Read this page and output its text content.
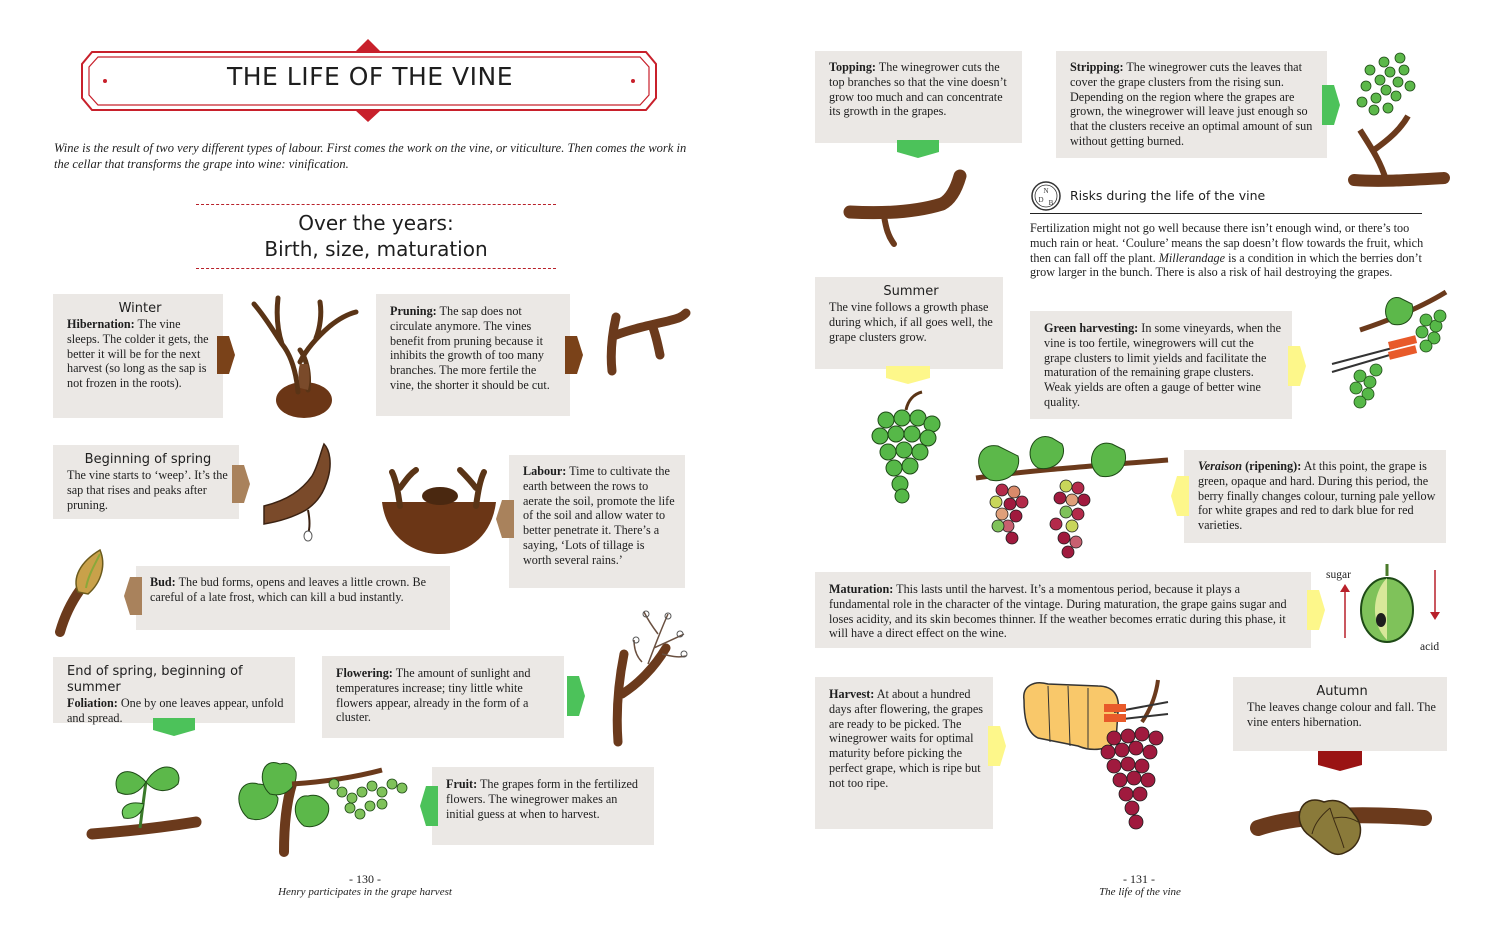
THE LIFE OF THE VINE
Wine is the result of two very different types of labour. First comes the work on the vine, or viticulture. Then comes the work in the cellar that transforms the grape into wine: vinification.
Over the years:
Birth, size, maturation
Winter
Hibernation: The vine sleeps. The colder it gets, the better it will be for the next harvest (so long as the sap is not frozen in the roots).
Pruning: The sap does not circulate anymore. The vines benefit from pruning because it inhibits the growth of too many branches. The more fertile the vine, the shorter it should be cut.
Beginning of spring
The vine starts to ‘weep’. It’s the sap that rises and peaks after pruning.
Labour: Time to cultivate the earth between the rows to aerate the soil, promote the life of the soil and allow water to better penetrate it. There’s a saying, ‘Lots of tillage is worth several rains.’
Bud: The bud forms, opens and leaves a little crown. Be careful of a late frost, which can kill a bud instantly.
End of spring, beginning of summer
Foliation: One by one leaves appear, unfold and spread.
Flowering: The amount of sunlight and temperatures increase; tiny little white flowers appear, already in the form of a cluster.
Fruit: The grapes form in the fertilized flowers. The winegrower makes an initial guess at when to harvest.
- 130 -
Henry participates in the grape harvest
Topping: The winegrower cuts the top branches so that the vine doesn’t grow too much and can concentrate its growth in the grapes.
Stripping: The winegrower cuts the leaves that cover the grape clusters from the rising sun. Depending on the region where the grapes are grown, the winegrower will leave just enough so that the clusters receive an optimal amount of sun without getting burned.
N
D B Risks during the life of the vine
Fertilization might not go well because there isn’t enough wind, or there’s too much rain or heat. ‘Coulure’ means the sap doesn’t flow towards the fruit, which then can fall off the plant. Millerandage is a condition in which the berries don’t grow larger in the bunch. There is also a risk of hail destroying the grapes.
Summer
The vine follows a growth phase during which, if all goes well, the grape clusters grow.
Green harvesting: In some vineyards, when the vine is too fertile, winegrowers will cut the grape clusters to limit yields and facilitate the maturation of the remaining grape clusters. Weak yields are often a gauge of better wine quality.
Veraison (ripening): At this point, the grape is green, opaque and hard. During this period, the berry finally changes colour, turning pale yellow for white grapes and red to dark blue for red varieties.
Maturation: This lasts until the harvest. It’s a momentous period, because it plays a fundamental role in the character of the vintage. During maturation, the grape gains sugar and loses acidity, and its skin becomes thinner. If the weather becomes erratic during this phase, it will have a direct effect on the wine.
sugar
acid
Harvest: At about a hundred days after flowering, the grapes are ready to be picked. The winegrower waits for optimal maturity before picking the perfect grape, which is ripe but not too ripe.
Autumn
The leaves change colour and fall. The vine enters hibernation.
- 131 -
The life of the vine
